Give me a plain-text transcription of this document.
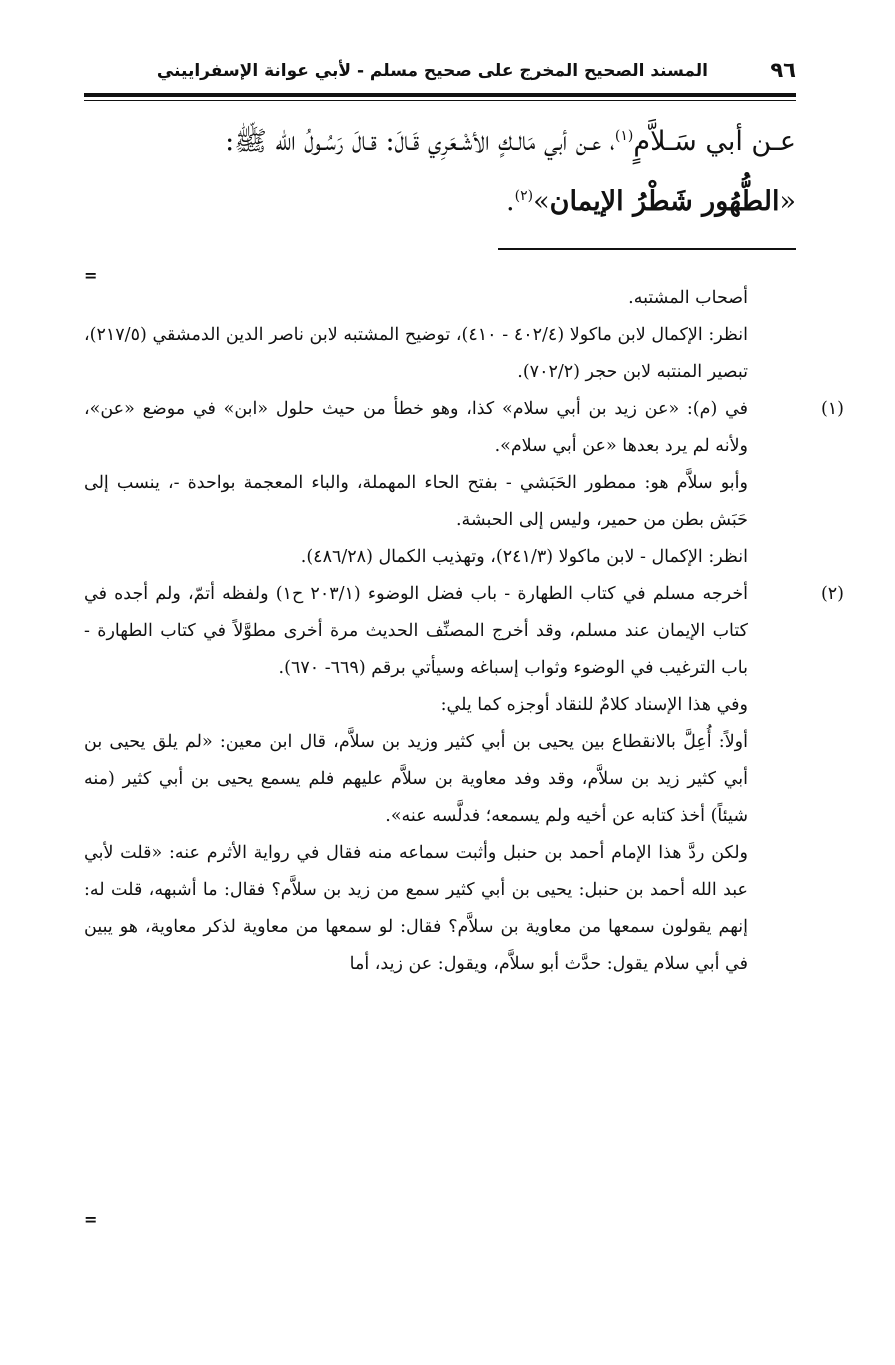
٩٦
المسند الصحيح المخرج على صحيح مسلم - لأبي عوانة الإسفراييني

عـن أبي سَـلاَّمٍ$^{(١)}$، عـن أبي مَالـكٍ الأشْـعَرِي قَـالَ: قـالَ رَسُـولُ الله ﷺ:

«الطُّهُور شَطْرُ الإيمان»$^{(٢)}$.

=

أصحاب المشتبه.

انظر: الإكمال لابن ماكولا (٤٠٢/٤ - ٤١٠)، توضيح المشتبه لابن ناصر الدين الدمشقي (٢١٧/٥)، تبصير المنتبه لابن حجر (٧٠٢/٢).

(١)في (م): «عن زيد بن أبي سلام» كذا، وهو خطأ من حيث حلول «ابن» في موضع «عن»، ولأنه لم يرد بعدها «عن أبي سلام».

وأبو سلاَّم هو: ممطور الحَبَشي - بفتح الحاء المهملة، والباء المعجمة بواحدة -، ينسب إلى حَبَش بطن من حمير، وليس إلى الحبشة.

انظر: الإكمال - لابن ماكولا (٢٤١/٣)، وتهذيب الكمال (٤٨٦/٢٨).

(٢)أخرجه مسلم في كتاب الطهارة - باب فضل الوضوء (٢٠٣/١ ح١) ولفظه أتمّ، ولم أجده في كتاب الإيمان عند مسلم، وقد أخرج المصنِّف الحديث مرة أخرى مطوَّلاً في كتاب الطهارة - باب الترغيب في الوضوء وثواب إسباغه وسيأتي برقم (٦٦٩- ٦٧٠).

وفي هذا الإسناد كلامٌ للنقاد أوجزه كما يلي:

أولاً: أُعِلَّ بالانقطاع بين يحيى بن أبي كثير وزيد بن سلاَّم، قال ابن معين: «لم يلق يحيى بن أبي كثير زيد بن سلاَّم، وقد وفد معاوية بن سلاَّم عليهم فلم يسمع يحيى بن أبي كثير (منه شيئاً) أخذ كتابه عن أخيه ولم يسمعه؛ فدلَّسه عنه».

ولكن ردَّ هذا الإمام أحمد بن حنبل وأثبت سماعه منه فقال في رواية الأثرم عنه: «قلت لأبي عبد الله أحمد بن حنبل: يحيى بن أبي كثير سمع من زيد بن سلاَّم؟ فقال: ما أشبهه، قلت له: إنهم يقولون سمعها من معاوية بن سلاَّم؟ فقال: لو سمعها من معاوية لذكر معاوية، هو يبين في أبي سلام يقول: حدَّث أبو سلاَّم، ويقول: عن زيد، أما

=
